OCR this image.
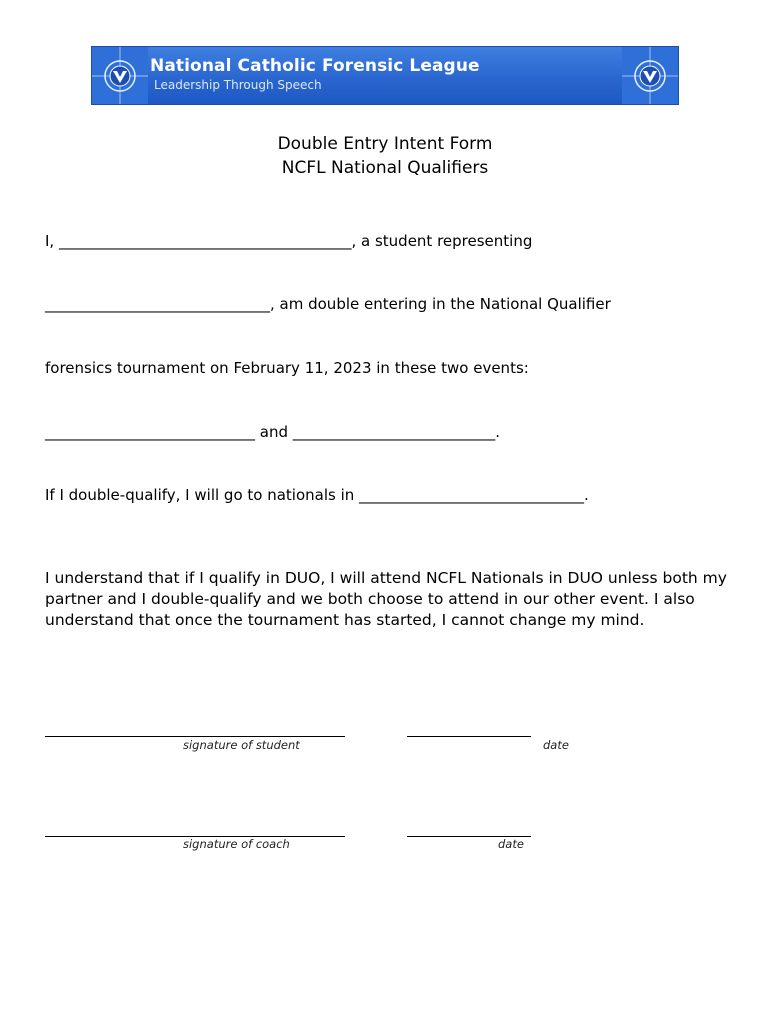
National Catholic Forensic League
Leadership Through Speech
Double Entry Intent Form
NCFL National Qualifiers
I, _______________________________________, a student representing
______________________________, am double entering in the National Qualifier
forensics tournament on February 11, 2023 in these two events:
____________________________ and ___________________________.
If I double-qualify, I will go to nationals in ______________________________.
I understand that if I qualify in DUO, I will attend NCFL Nationals in DUO unless both my partner and I double-qualify and we both choose to attend in our other event. I also understand that once the tournament has started, I cannot change my mind.
signature of student	date
signature of coach	date
